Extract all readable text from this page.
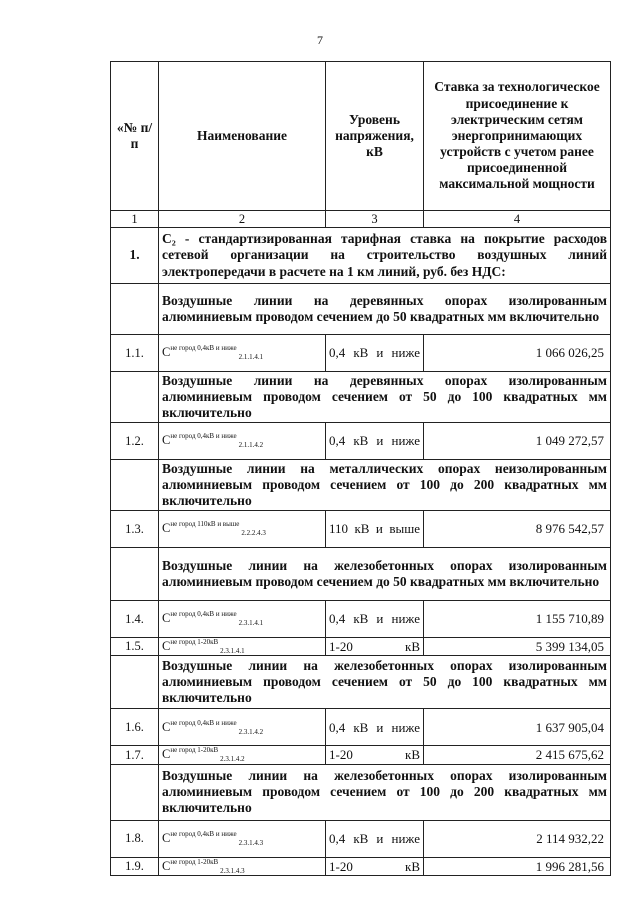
7
«№ п/п	Наименование	Уровень напряжения, кВ	Ставка за технологическое присоединение к электрическим сетям энергопринимающих устройств с учетом ранее присоединенной максимальной мощности
1	2	3	4
1.	C₂ - стандартизированная тарифная ставка на покрытие расходов сетевой организации на строительство воздушных линий электропередачи в расчете на 1 км линий, руб. без НДС:		
	Воздушные линии на деревянных опорах изолированным алюминиевым проводом сечением до 50 квадратных мм включительно		
1.1.	$C^{не город 0,4кВ и ниже}_{2.1.1.4.1}$	0,4 кВ и ниже	1 066 026,25
	Воздушные линии на деревянных опорах изолированным алюминиевым проводом сечением от 50 до 100 квадратных мм включительно		
1.2.	$C^{не город 0,4кВ и ниже}_{2.1.1.4.2}$	0,4 кВ и ниже	1 049 272,57
	Воздушные линии на металлических опорах неизолированным алюминиевым проводом сечением от 100 до 200 квадратных мм включительно		
1.3.	$C^{не город 110кВ и выше}_{2.2.2.4.3}$	110 кВ и выше	8 976 542,57
	Воздушные линии на железобетонных опорах изолированным алюминиевым проводом сечением до 50 квадратных мм включительно		
1.4.	$C^{не город 0,4кВ и ниже}_{2.3.1.4.1}$	0,4 кВ и ниже	1 155 710,89
1.5.	$C^{не город 1-20кВ}_{2.3.1.4.1}$	1-20 кВ	5 399 134,05
	Воздушные линии на железобетонных опорах изолированным алюминиевым проводом сечением от 50 до 100 квадратных мм включительно		
1.6.	$C^{не город 0,4кВ и ниже}_{2.3.1.4.2}$	0,4 кВ и ниже	1 637 905,04
1.7.	$C^{не город 1-20кВ}_{2.3.1.4.2}$	1-20 кВ	2 415 675,62
	Воздушные линии на железобетонных опорах изолированным алюминиевым проводом сечением от 100 до 200 квадратных мм включительно		
1.8.	$C^{не город 0,4кВ и ниже}_{2.3.1.4.3}$	0,4 кВ и ниже	2 114 932,22
1.9.	$C^{не город 1-20кВ}_{2.3.1.4.3}$	1-20 кВ	1 996 281,56
